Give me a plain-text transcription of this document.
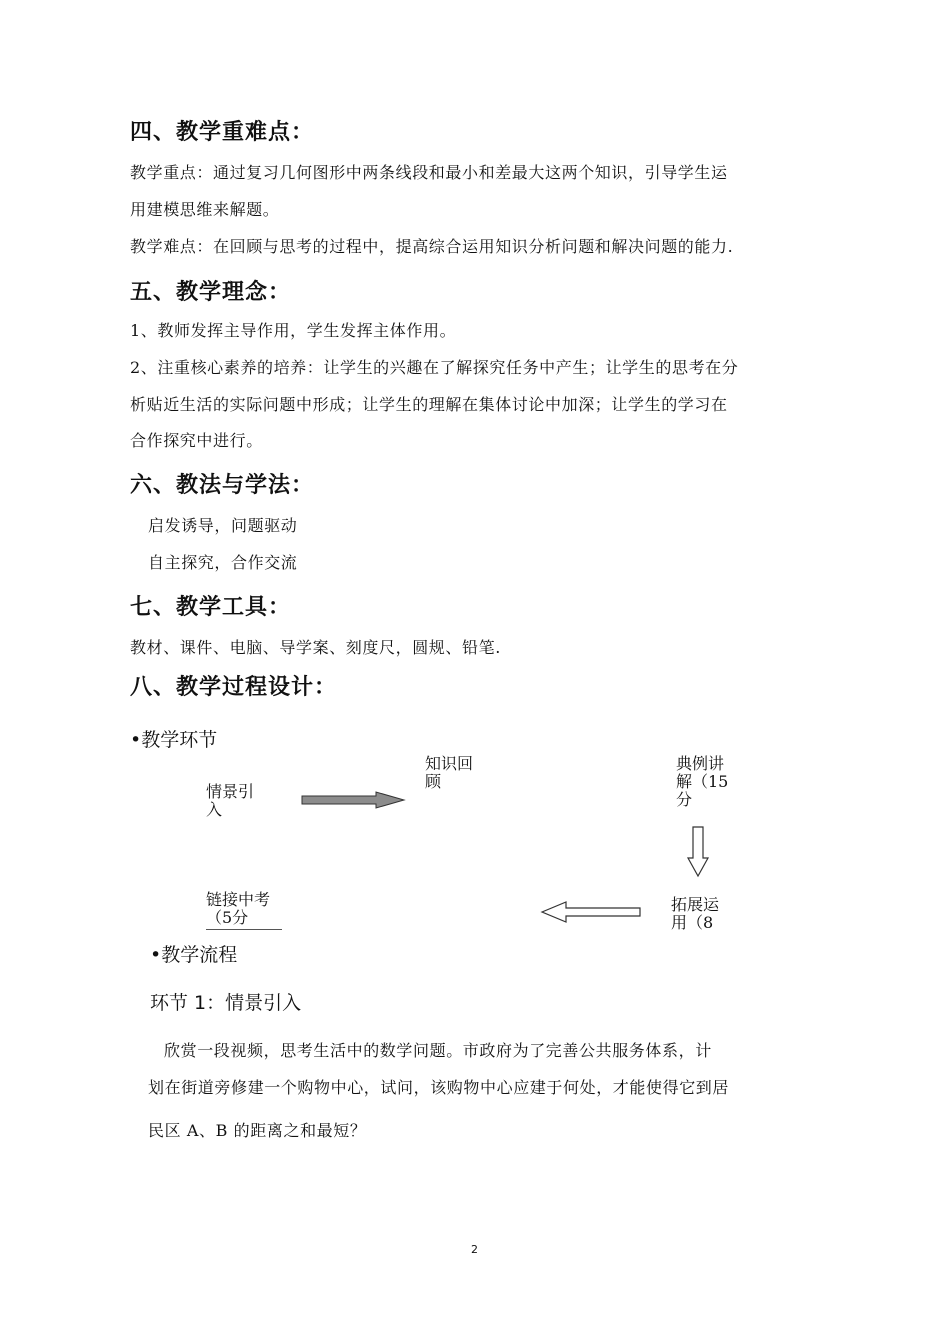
四、教学重难点：
教学重点：通过复习几何图形中两条线段和最小和差最大这两个知识，引导学生运
用建模思维来解题。
教学难点：在回顾与思考的过程中，提高综合运用知识分析问题和解决问题的能力.
五、教学理念：
1、教师发挥主导作用，学生发挥主体作用。
2、注重核心素养的培养：让学生的兴趣在了解探究任务中产生；让学生的思考在分
析贴近生活的实际问题中形成；让学生的理解在集体讨论中加深；让学生的学习在
合作探究中进行。
六、教法与学法：
启发诱导，问题驱动
自主探究，合作交流
七、教学工具：
教材、课件、电脑、导学案、刻度尺，圆规、铅笔.
八、教学过程设计：
•教学环节
情景引入
知识回顾
典例讲解（15分
拓展运用（8
链接中考（5分
•教学流程
环节 1：情景引入
欣赏一段视频，思考生活中的数学问题。市政府为了完善公共服务体系，计
划在街道旁修建一个购物中心，试问，该购物中心应建于何处，才能使得它到居
民区 A、B 的距离之和最短？
2
